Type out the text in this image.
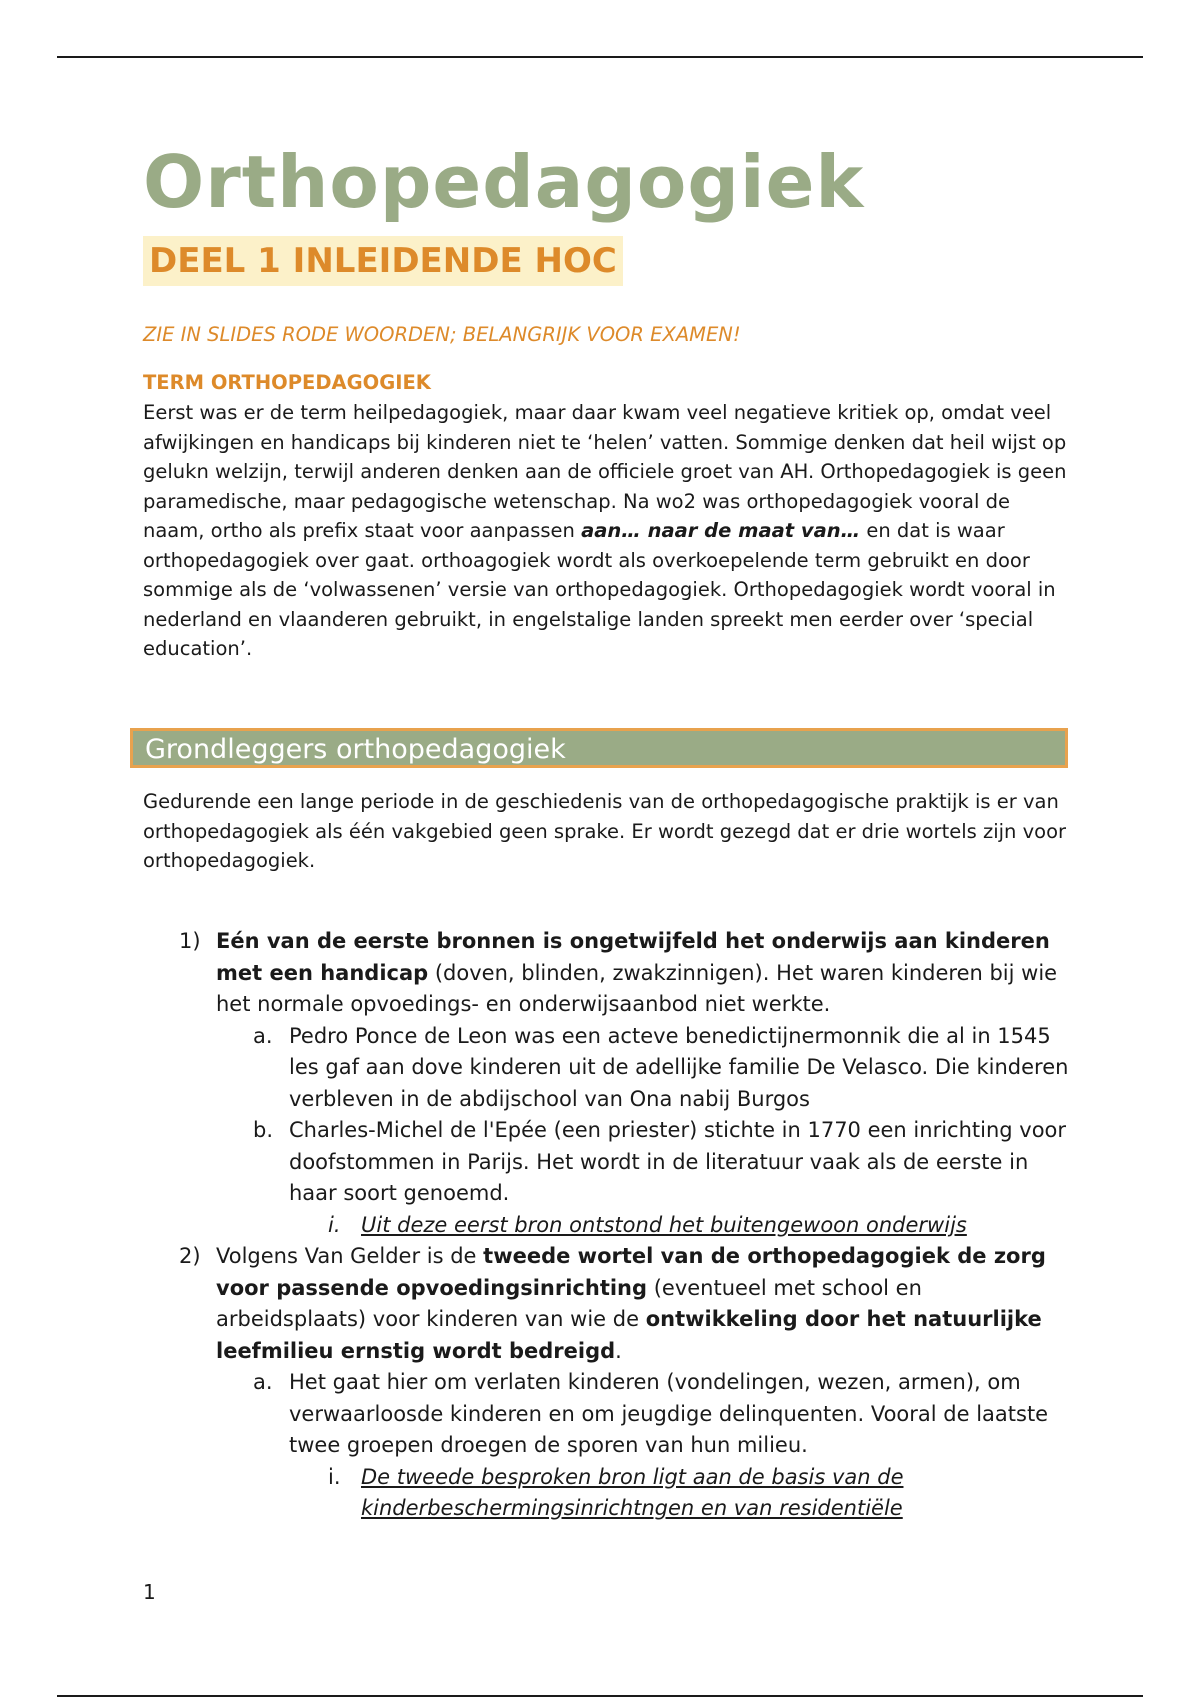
Orthopedagogiek
DEEL 1 INLEIDENDE HOC
ZIE IN SLIDES RODE WOORDEN; BELANGRIJK VOOR EXAMEN!
TERM ORTHOPEDAGOGIEK

Eerst was er de term heilpedagogiek, maar daar kwam veel negatieve kritiek op, omdat veel afwijkingen en handicaps bij kinderen niet te ‘helen’ vatten. Sommige denken dat heil wijst op gelukn welzijn, terwijl anderen denken aan de officiele groet van AH. Orthopedagogiek is geen paramedische, maar pedagogische wetenschap. Na wo2 was orthopedagogiek vooral de naam, ortho als prefix staat voor aanpassen aan… naar de maat van… en dat is waar orthopedagogiek over gaat. orthoagogiek wordt als overkoepelende term gebruikt en door sommige als de ‘volwassenen’ versie van orthopedagogiek. Orthopedagogiek wordt vooral in nederland en vlaanderen gebruikt, in engelstalige landen spreekt men eerder over ‘special education’.

Grondleggers orthopedagogiek

Gedurende een lange periode in de geschiedenis van de orthopedagogische praktijk is er van

orthopedagogiek als één vakgebied geen sprake. Er wordt gezegd dat er drie wortels zijn voor orthopedagogiek.

1) Eén van de eerste bronnen is ongetwijfeld het onderwijs aan kinderen met een handicap (doven, blinden, zwakzinnigen). Het waren kinderen bij wie het normale opvoedings- en onderwijsaanbod niet werkte.
a. Pedro Ponce de Leon was een acteve benedictijnermonnik die al in 1545 les gaf aan dove kinderen uit de adellijke familie De Velasco. Die kinderen verbleven in de abdijschool van Ona nabij Burgos
b. Charles-Michel de l'Epée (een priester) stichte in 1770 een inrichting voor doofstommen in Parijs. Het wordt in de literatuur vaak als de eerste in haar soort genoemd.
i. Uit deze eerst bron ontstond het buitengewoon onderwijs
2) Volgens Van Gelder is de tweede wortel van de orthopedagogiek de zorg voor passende opvoedingsinrichting (eventueel met school en arbeidsplaats) voor kinderen van wie de ontwikkeling door het natuurlijke leefmilieu ernstig wordt bedreigd.
a. Het gaat hier om verlaten kinderen (vondelingen, wezen, armen), om verwaarloosde kinderen en om jeugdige delinquenten. Vooral de laatste twee groepen droegen de sporen van hun milieu.
i. De tweede besproken bron ligt aan de basis van de kinderbeschermingsinrichtngen en van residentiële
1
